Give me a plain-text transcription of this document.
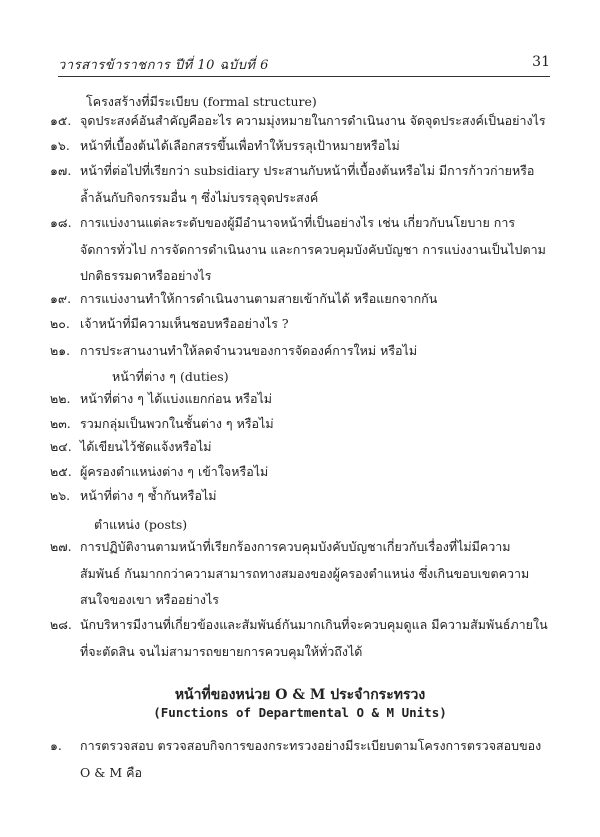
วารสารข้าราชการ ปีที่ 10 ฉบับที่ 6	31
โครงสร้างที่มีระเบียบ (formal structure)
๑๕. จุดประสงค์อันสำคัญคืออะไร ความมุ่งหมายในการดำเนินงาน จัดจุดประสงค์เป็นอย่างไร
๑๖. หน้าที่เบื้องต้นได้เลือกสรรขึ้นเพื่อทำให้บรรลุเป้าหมายหรือไม่
๑๗. หน้าที่ต่อไปที่เรียกว่า subsidiary ประสานกับหน้าที่เบื้องต้นหรือไม่ มีการก้าวก่ายหรือ ล้ำล้นกับกิจกรรมอื่น ๆ ซึ่งไม่บรรลุจุดประสงค์
๑๘. การแบ่งงานแต่ละระดับของผู้มีอำนาจหน้าที่เป็นอย่างไร เช่น เกี่ยวกับนโยบาย การ จัดการทั่วไป การจัดการดำเนินงาน และการควบคุมบังคับบัญชา การแบ่งงานเป็นไปตาม ปกติธรรมดาหรืออย่างไร
๑๙. การแบ่งงานทำให้การดำเนินงานตามสายเข้ากันได้ หรือแยกจากกัน
๒๐. เจ้าหน้าที่มีความเห็นชอบหรืออย่างไร ?
๒๑. การประสานงานทำให้ลดจำนวนของการจัดองค์การใหม่ หรือไม่
หน้าที่ต่าง ๆ (duties)
๒๒. หน้าที่ต่าง ๆ ได้แบ่งแยกก่อน หรือไม่
๒๓. รวมกลุ่มเป็นพวกในชั้นต่าง ๆ หรือไม่
๒๔. ได้เขียนไว้ชัดแจ้งหรือไม่
๒๕. ผู้ครองตำแหน่งต่าง ๆ เข้าใจหรือไม่
๒๖. หน้าที่ต่าง ๆ ซ้ำกันหรือไม่
ตำแหน่ง (posts)
๒๗. การปฏิบัติงานตามหน้าที่เรียกร้องการควบคุมบังคับบัญชาเกี่ยวกับเรื่องที่ไม่มีความสัมพันธ์ กันมากกว่าความสามารถทางสมองของผู้ครองตำแหน่ง ซึ่งเกินขอบเขตความสนใจของเขา หรืออย่างไร
๒๘. นักบริหารมีงานที่เกี่ยวข้องและสัมพันธ์กันมากเกินที่จะควบคุมดูแล มีความสัมพันธ์ภายใน ที่จะตัดสิน จนไม่สามารถขยายการควบคุมให้ทั่วถึงได้
หน้าที่ของหน่วย O & M ประจำกระทรวง
(Functions of Departmental O & M Units)
๑.	การตรวจสอบ ตรวจสอบกิจการของกระทรวงอย่างมีระเบียบตามโครงการตรวจสอบของ O & M คือ
